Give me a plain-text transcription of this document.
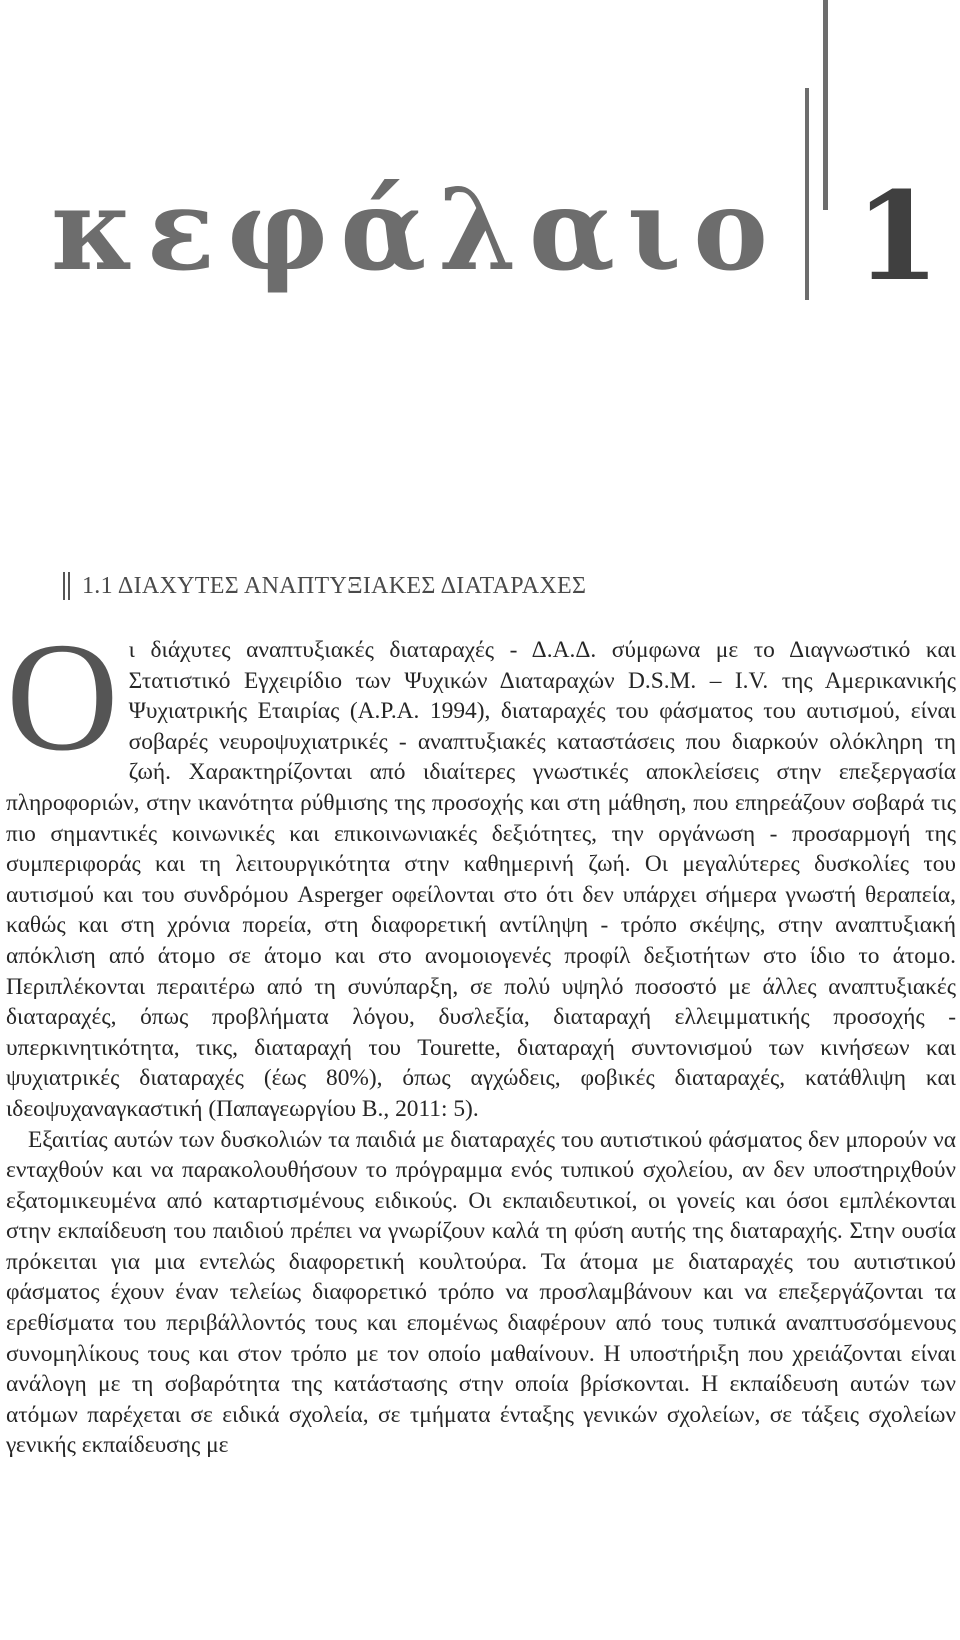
κεφάλαιο 1
1.1 ΔΙΑΧΥΤΕΣ ΑΝΑΠΤΥΞΙΑΚΕΣ ΔΙΑΤΑΡΑΧΕΣ

Οι διάχυτες αναπτυξιακές διαταραχές - Δ.Α.Δ. σύμφωνα με το Διαγνωστικό και Στατιστικό Εγχειρίδιο των Ψυχικών Διαταραχών D.S.M. – I.V. της Αμερικανικής Ψυχιατρικής Εταιρίας (Α.Ρ.Α. 1994), διαταραχές του φάσματος του αυτισμού, είναι σοβαρές νευροψυχιατρικές - αναπτυξιακές καταστάσεις που διαρκούν ολόκληρη τη ζωή. Χαρακτηρίζονται από ιδιαίτερες γνωστικές αποκλείσεις στην επεξεργασία πληροφοριών, στην ικανότητα ρύθμισης της προσοχής και στη μάθηση, που επηρεάζουν σοβαρά τις πιο σημαντικές κοινωνικές και επικοινωνιακές δεξιότητες, την οργάνωση - προσαρμογή της συμπεριφοράς και τη λειτουργικότητα στην καθημερινή ζωή. Οι μεγαλύτερες δυσκολίες του αυτισμού και του συνδρόμου Asperger οφείλονται στο ότι δεν υπάρχει σήμερα γνωστή θεραπεία, καθώς και στη χρόνια πορεία, στη διαφορετική αντίληψη - τρόπο σκέψης, στην αναπτυξιακή απόκλιση από άτομο σε άτομο και στο ανομοιογενές προφίλ δεξιοτήτων στο ίδιο το άτομο. Περιπλέκονται περαιτέρω από τη συνύπαρξη, σε πολύ υψηλό ποσοστό με άλλες αναπτυξιακές διαταραχές, όπως προβλήματα λόγου, δυσλεξία, διαταραχή ελλειμματικής προσοχής - υπερκινητικότητα, τικς, διαταραχή του Tourette, διαταραχή συντονισμού των κινήσεων και ψυχιατρικές διαταραχές (έως 80%), όπως αγχώδεις, φοβικές διαταραχές, κατάθλιψη και ιδεοψυχαναγκαστική (Παπαγεωργίου Β., 2011: 5).

Εξαιτίας αυτών των δυσκολιών τα παιδιά με διαταραχές του αυτιστικού φάσματος δεν μπορούν να ενταχθούν και να παρακολουθήσουν το πρόγραμμα ενός τυπικού σχολείου, αν δεν υποστηριχθούν εξατομικευμένα από καταρτισμένους ειδικούς. Οι εκπαιδευτικοί, οι γονείς και όσοι εμπλέκονται στην εκπαίδευση του παιδιού πρέπει να γνωρίζουν καλά τη φύση αυτής της διαταραχής. Στην ουσία πρόκειται για μια εντελώς διαφορετική κουλτούρα. Τα άτομα με διαταραχές του αυτιστικού φάσματος έχουν έναν τελείως διαφορετικό τρόπο να προσλαμβάνουν και να επεξεργάζονται τα ερεθίσματα του περιβάλλοντός τους και επομένως διαφέρουν από τους τυπικά αναπτυσσόμενους συνομηλίκους τους και στον τρόπο με τον οποίο μαθαίνουν. Η υποστήριξη που χρειάζονται είναι ανάλογη με τη σοβαρότητα της κατάστασης στην οποία βρίσκονται. Η εκπαίδευση αυτών των ατόμων παρέχεται σε ειδικά σχολεία, σε τμήματα ένταξης γενικών σχολείων, σε τάξεις σχολείων γενικής εκπαίδευσης με
